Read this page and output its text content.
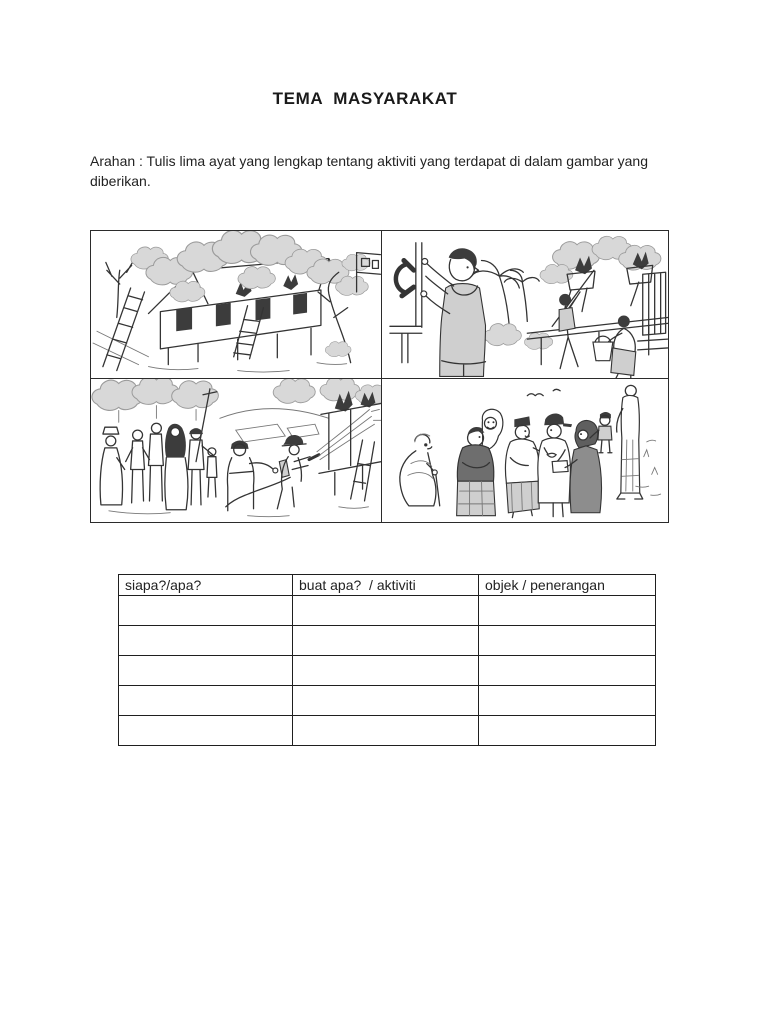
TEMA  MASYARAKAT

Arahan : Tulis lima ayat yang lengkap tentang aktiviti yang terdapat di dalam gambar yang diberikan.

siapa?/apa?	buat apa?  / aktiviti	objek / penerangan
